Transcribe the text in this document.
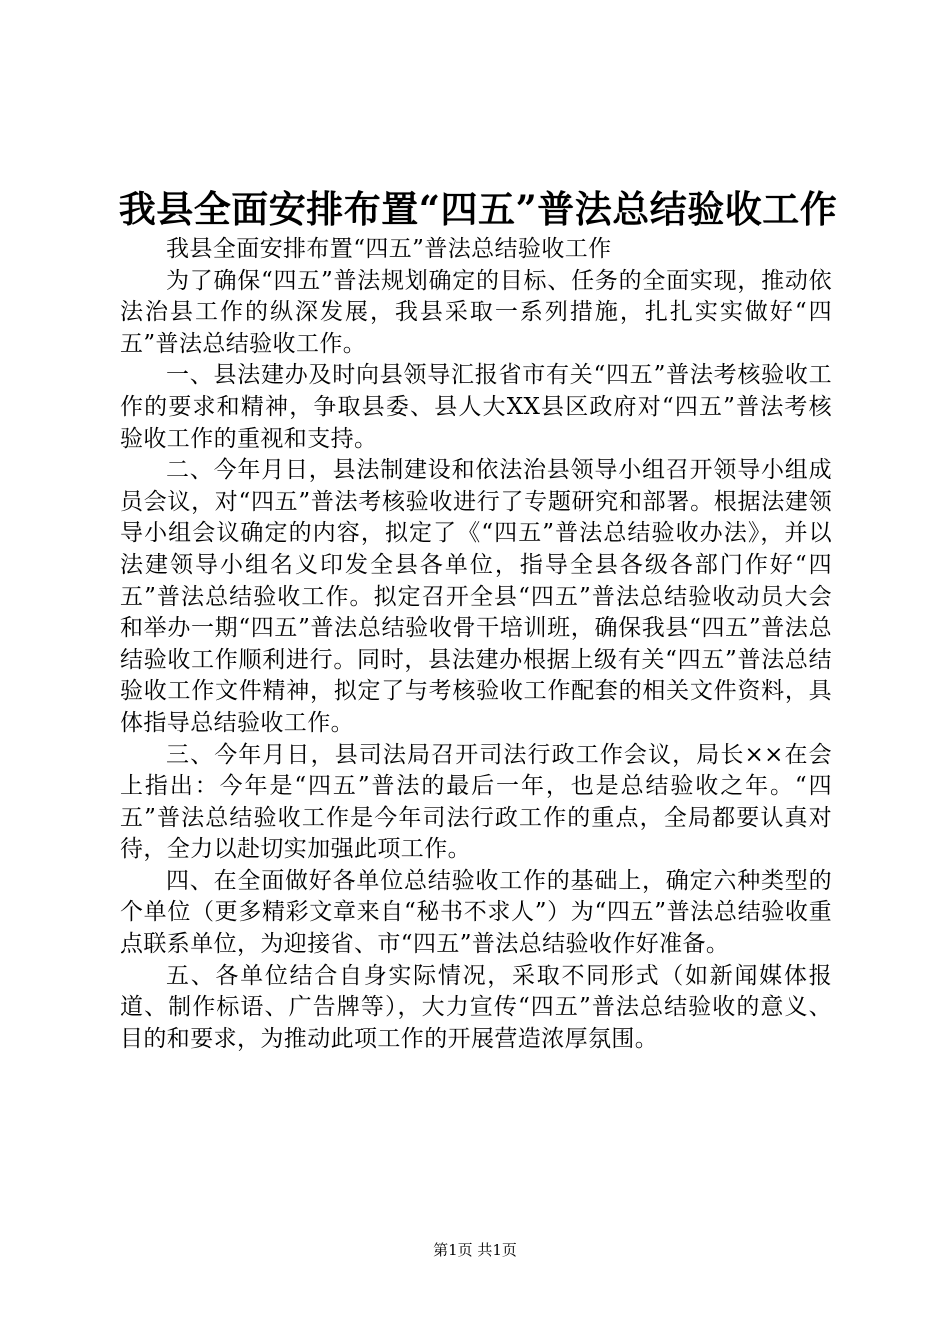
我县全面安排布置“四五”普法总结验收工作

我县全面安排布置“四五”普法总结验收工作

为了确保“四五”普法规划确定的目标、任务的全面实现，推动依法治县工作的纵深发展，我县采取一系列措施，扎扎实实做好“四五”普法总结验收工作。

一、县法建办及时向县领导汇报省市有关“四五”普法考核验收工作的要求和精神，争取县委、县人大XX县区政府对“四五”普法考核验收工作的重视和支持。

二、今年月日，县法制建设和依法治县领导小组召开领导小组成员会议，对“四五”普法考核验收进行了专题研究和部署。根据法建领导小组会议确定的内容，拟定了《“四五”普法总结验收办法》，并以法建领导小组名义印发全县各单位，指导全县各级各部门作好“四五”普法总结验收工作。拟定召开全县“四五”普法总结验收动员大会和举办一期“四五”普法总结验收骨干培训班，确保我县“四五”普法总结验收工作顺利进行。同时，县法建办根据上级有关“四五”普法总结验收工作文件精神，拟定了与考核验收工作配套的相关文件资料，具体指导总结验收工作。

三、今年月日，县司法局召开司法行政工作会议，局长××在会上指出：今年是“四五”普法的最后一年，也是总结验收之年。“四五”普法总结验收工作是今年司法行政工作的重点，全局都要认真对待，全力以赴切实加强此项工作。

四、在全面做好各单位总结验收工作的基础上，确定六种类型的个单位（更多精彩文章来自“秘书不求人”）为“四五”普法总结验收重点联系单位，为迎接省、市“四五”普法总结验收作好准备。

五、各单位结合自身实际情况，采取不同形式（如新闻媒体报道、制作标语、广告牌等），大力宣传“四五”普法总结验收的意义、目的和要求，为推动此项工作的开展营造浓厚氛围。

第1页 共1页
